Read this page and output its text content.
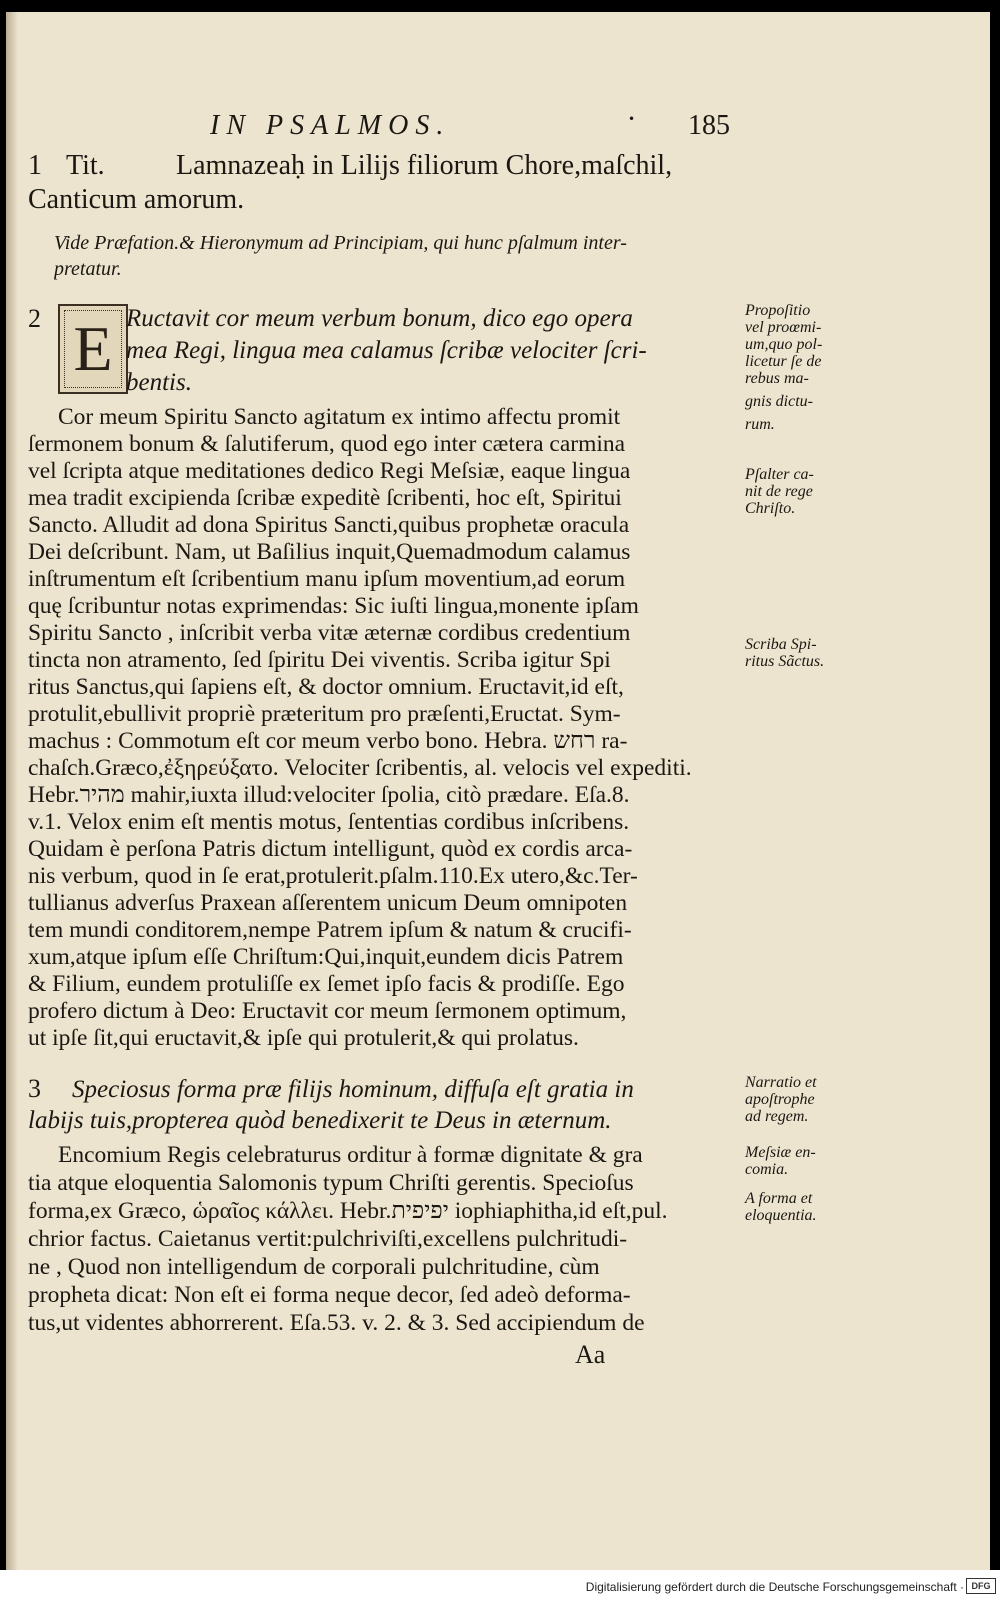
•
IN PSALMOS.	185
1 Tit.	Lamnazeaḥ in Lilijs filiorum Chore,maſchil,
Canticum amorum.
Vide Præfation.& Hieronymum ad Principiam, qui hunc pſalmum inter-
pretatur.
2 E Ructavit cor meum verbum bonum, dico ego opera
mea Regi, lingua mea calamus ſcribæ velociter ſcri-
bentis.
Cor meum Spiritu Sancto agitatum ex intimo affectu promit
ſermonem bonum & ſalutiferum, quod ego inter cætera carmina
vel ſcripta atque meditationes dedico Regi Meſsiæ, eaque lingua
mea tradit excipienda ſcribæ expeditè ſcribenti, hoc eſt, Spiritui
Sancto. Alludit ad dona Spiritus Sancti,quibus prophetæ oracula
Dei deſcribunt. Nam, ut Baſilius inquit,Quemadmodum calamus
inſtrumentum eſt ſcribentium manu ipſum moventium,ad eorum
quę ſcribuntur notas exprimendas: Sic iuſti lingua,monente ipſam
Spiritu Sancto , inſcribit verba vitæ æternæ cordibus credentium
tincta non atramento, ſed ſpiritu Dei viventis. Scriba igitur Spi
ritus Sanctus,qui ſapiens eſt, & doctor omnium. Eructavit,id eſt,
protulit,ebullivit propriè præteritum pro præſenti,Eructat. Sym-
machus : Commotum eſt cor meum verbo bono. Hebra. רחש ra-
chaſch.Græco,ἐξηρεύξατο. Velociter ſcribentis, al. velocis vel expediti.
Hebr.מהיר mahir,iuxta illud:velociter ſpolia, citò prædare. Eſa.8.
v.1. Velox enim eſt mentis motus, ſententias cordibus inſcribens.
Quidam è perſona Patris dictum intelligunt, quòd ex cordis arca-
nis verbum, quod in ſe erat,protulerit.pſalm.110.Ex utero,&c.Ter-
tullianus adverſus Praxean aſſerentem unicum Deum omnipoten
tem mundi conditorem,nempe Patrem ipſum & natum & crucifi-
xum,atque ipſum eſſe Chriſtum:Qui,inquit,eundem dicis Patrem
& Filium, eundem protuliſſe ex ſemet ipſo facis & prodiſſe. Ego
profero dictum à Deo: Eructavit cor meum ſermonem optimum,
ut ipſe ſit,qui eructavit,& ipſe qui protulerit,& qui prolatus.
3 Speciosus forma præ filijs hominum, diffuſa eſt gratia in
labijs tuis,propterea quòd benedixerit te Deus in æternum.
Encomium Regis celebraturus orditur à formæ dignitate & gra
tia atque eloquentia Salomonis typum Chriſti gerentis. Specioſus
forma,ex Græco, ὡραῖος κάλλει. Hebr.יפיפית iophiaphitha,id eſt,pul.
chrior factus. Caietanus vertit:pulchriviſti,excellens pulchritudi-
ne , Quod non intelligendum de corporali pulchritudine, cùm
propheta dicat: Non eſt ei forma neque decor, ſed adeò deforma-
tus,ut videntes abhorrerent. Eſa.53. v. 2. & 3. Sed accipiendum de
Aa
Propoſitio
vel proœmi-
um,quo pol-
licetur ſe de
rebus ma-
gnis dictu-
rum.
Pſalter ca-
nit de rege
Chriſto.
Scriba Spi-
ritus Sãctus.
Narratio et
apoſtrophe
ad regem.
Meſsiæ en-
comia.
A forma et
eloquentia.
Digitalisierung gefördert durch die Deutsche Forschungsgemeinschaft · DFG
